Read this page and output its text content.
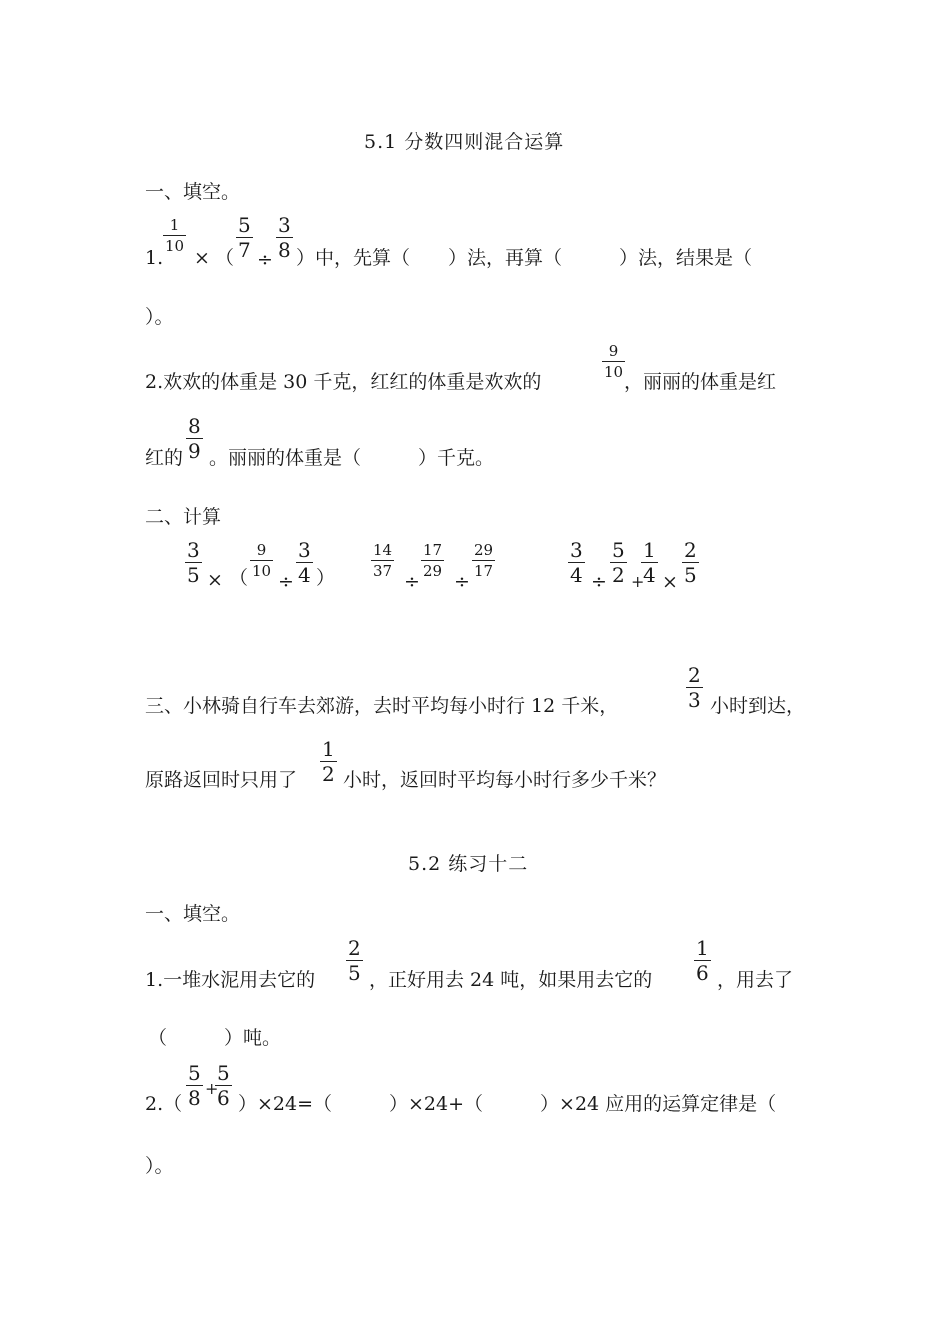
5.1 分数四则混合运算
一、填空。
1.
1
10
× （
5
7 ÷
3
8 ）中，先算（　　）法，再算（　　　）法，结果是（
）。
2.欢欢的体重是 30 千克，红红的体重是欢欢的
9
10 ，丽丽的体重是红
红的
8
9 。丽丽的体重是（　　　）千克。
二、计算
3
5 × （
9
10 ÷
3
4 ）
14
37 ÷
17
29 ÷
29
17
3
4 ÷
5
2 +
1
4 ×
2
5
三、小林骑自行车去郊游，去时平均每小时行 12 千米，
2
3 小时到达，
原路返回时只用了
1
2 小时，返回时平均每小时行多少千米？
5.2 练习十二
一、填空。
1.一堆水泥用去它的
2
5 ，正好用去 24 吨，如果用去它的
1
6 ，用去了
（　　　）吨。
2.（
5
8 +
5
6 ）×24=（　　　）×24+（　　　）×24 应用的运算定律是（
）。
